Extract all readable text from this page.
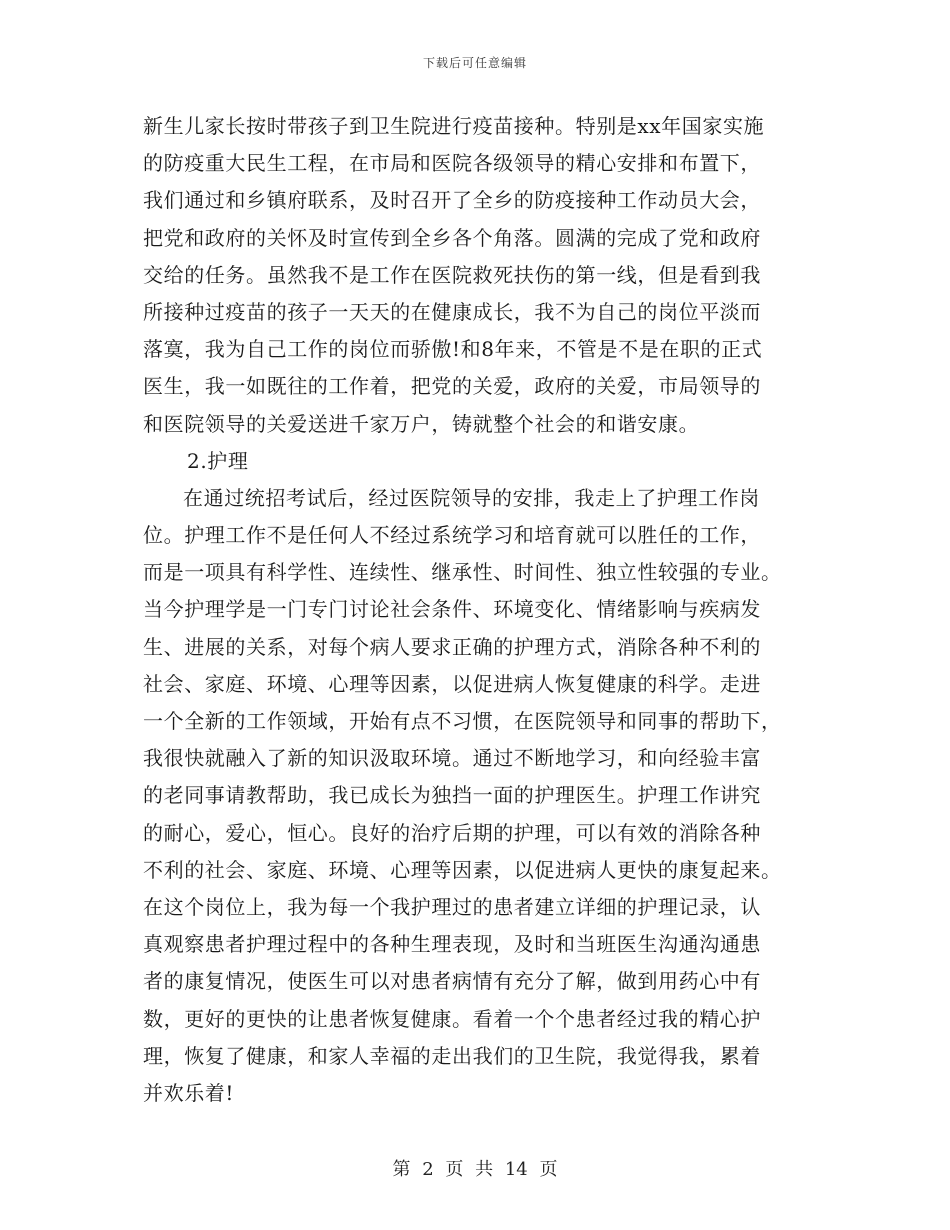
下载后可任意编辑
新生儿家长按时带孩子到卫生院进行疫苗接种。特别是xx年国家实施
的防疫重大民生工程，在市局和医院各级领导的精心安排和布置下，
我们通过和乡镇府联系，及时召开了全乡的防疫接种工作动员大会，
把党和政府的关怀及时宣传到全乡各个角落。圆满的完成了党和政府
交给的任务。虽然我不是工作在医院救死扶伤的第一线，但是看到我
所接种过疫苗的孩子一天天的在健康成长，我不为自己的岗位平淡而
落寞，我为自己工作的岗位而骄傲!和8年来，不管是不是在职的正式
医生，我一如既往的工作着，把党的关爱，政府的关爱，市局领导的
和医院领导的关爱送进千家万户，铸就整个社会的和谐安康。
2.护理
在通过统招考试后，经过医院领导的安排，我走上了护理工作岗
位。护理工作不是任何人不经过系统学习和培育就可以胜任的工作，
而是一项具有科学性、连续性、继承性、时间性、独立性较强的专业。
当今护理学是一门专门讨论社会条件、环境变化、情绪影响与疾病发
生、进展的关系，对每个病人要求正确的护理方式，消除各种不利的
社会、家庭、环境、心理等因素，以促进病人恢复健康的科学。走进
一个全新的工作领域，开始有点不习惯，在医院领导和同事的帮助下，
我很快就融入了新的知识汲取环境。通过不断地学习，和向经验丰富
的老同事请教帮助，我已成长为独挡一面的护理医生。护理工作讲究
的耐心，爱心，恒心。良好的治疗后期的护理，可以有效的消除各种
不利的社会、家庭、环境、心理等因素，以促进病人更快的康复起来。
在这个岗位上，我为每一个我护理过的患者建立详细的护理记录，认
真观察患者护理过程中的各种生理表现，及时和当班医生沟通沟通患
者的康复情况，使医生可以对患者病情有充分了解，做到用药心中有
数，更好的更快的让患者恢复健康。看着一个个患者经过我的精心护
理，恢复了健康，和家人幸福的走出我们的卫生院，我觉得我，累着
并欢乐着!
第 2 页 共 14 页
